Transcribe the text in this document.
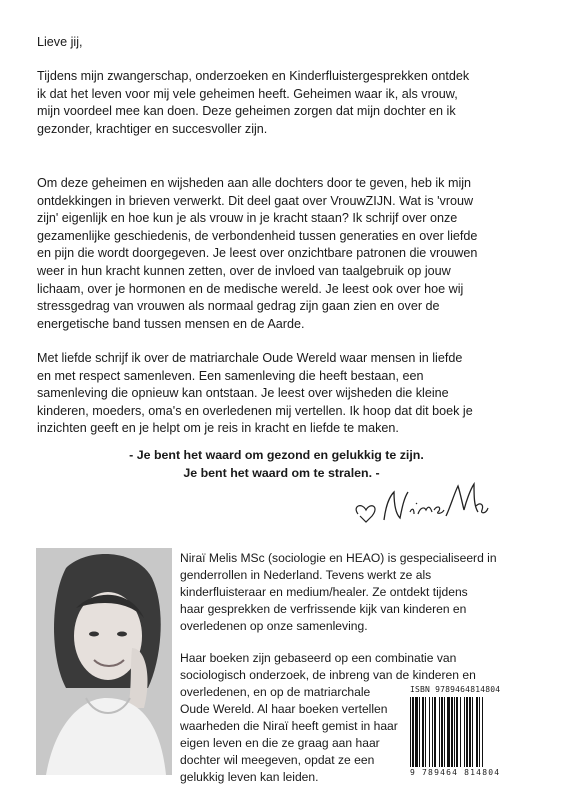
Lieve jij,

Tijdens mijn zwangerschap, onderzoeken en Kinderfluistergesprekken ontdek
ik dat het leven voor mij vele geheimen heeft. Geheimen waar ik, als vrouw,
mijn voordeel mee kan doen. Deze geheimen zorgen dat mijn dochter en ik
gezonder, krachtiger en succesvoller zijn.

Om deze geheimen en wijsheden aan alle dochters door te geven, heb ik mijn
ontdekkingen in brieven verwerkt. Dit deel gaat over VrouwZIJN. Wat is 'vrouw
zijn' eigenlijk en hoe kun je als vrouw in je kracht staan? Ik schrijf over onze
gezamenlijke geschiedenis, de verbondenheid tussen generaties en over liefde
en pijn die wordt doorgegeven. Je leest over onzichtbare patronen die vrouwen
weer in hun kracht kunnen zetten, over de invloed van taalgebruik op jouw
lichaam, over je hormonen en de medische wereld. Je leest ook over hoe wij
stressgedrag van vrouwen als normaal gedrag zijn gaan zien en over de
energetische band tussen mensen en de Aarde.

Met liefde schrijf ik over de matriarchale Oude Wereld waar mensen in liefde
en met respect samenleven. Een samenleving die heeft bestaan, een
samenleving die opnieuw kan ontstaan. Je leest over wijsheden die kleine
kinderen, moeders, oma's en overledenen mij vertellen. Ik hoop dat dit boek je
inzichten geeft en je helpt om je reis in kracht en liefde te maken.

- Je bent het waard om gezond en gelukkig te zijn.
Je bent het waard om te stralen. -

Niraï Melis MSc (sociologie en HEAO) is gespecialiseerd in
genderrollen in Nederland. Tevens werkt ze als
kinderfluisteraar en medium/healer. Ze ontdekt tijdens
haar gesprekken de verfrissende kijk van kinderen en
overledenen op onze samenleving.

Haar boeken zijn gebaseerd op een combinatie van
sociologisch onderzoek, de inbreng van de kinderen en
overledenen, en op de matriarchale
Oude Wereld. Al haar boeken vertellen
waarheden die Niraï heeft gemist in haar
eigen leven en die ze graag aan haar
dochter wil meegeven, opdat ze een
gelukkig leven kan leiden.

ISBN 9789464814804
9 789464 814804
